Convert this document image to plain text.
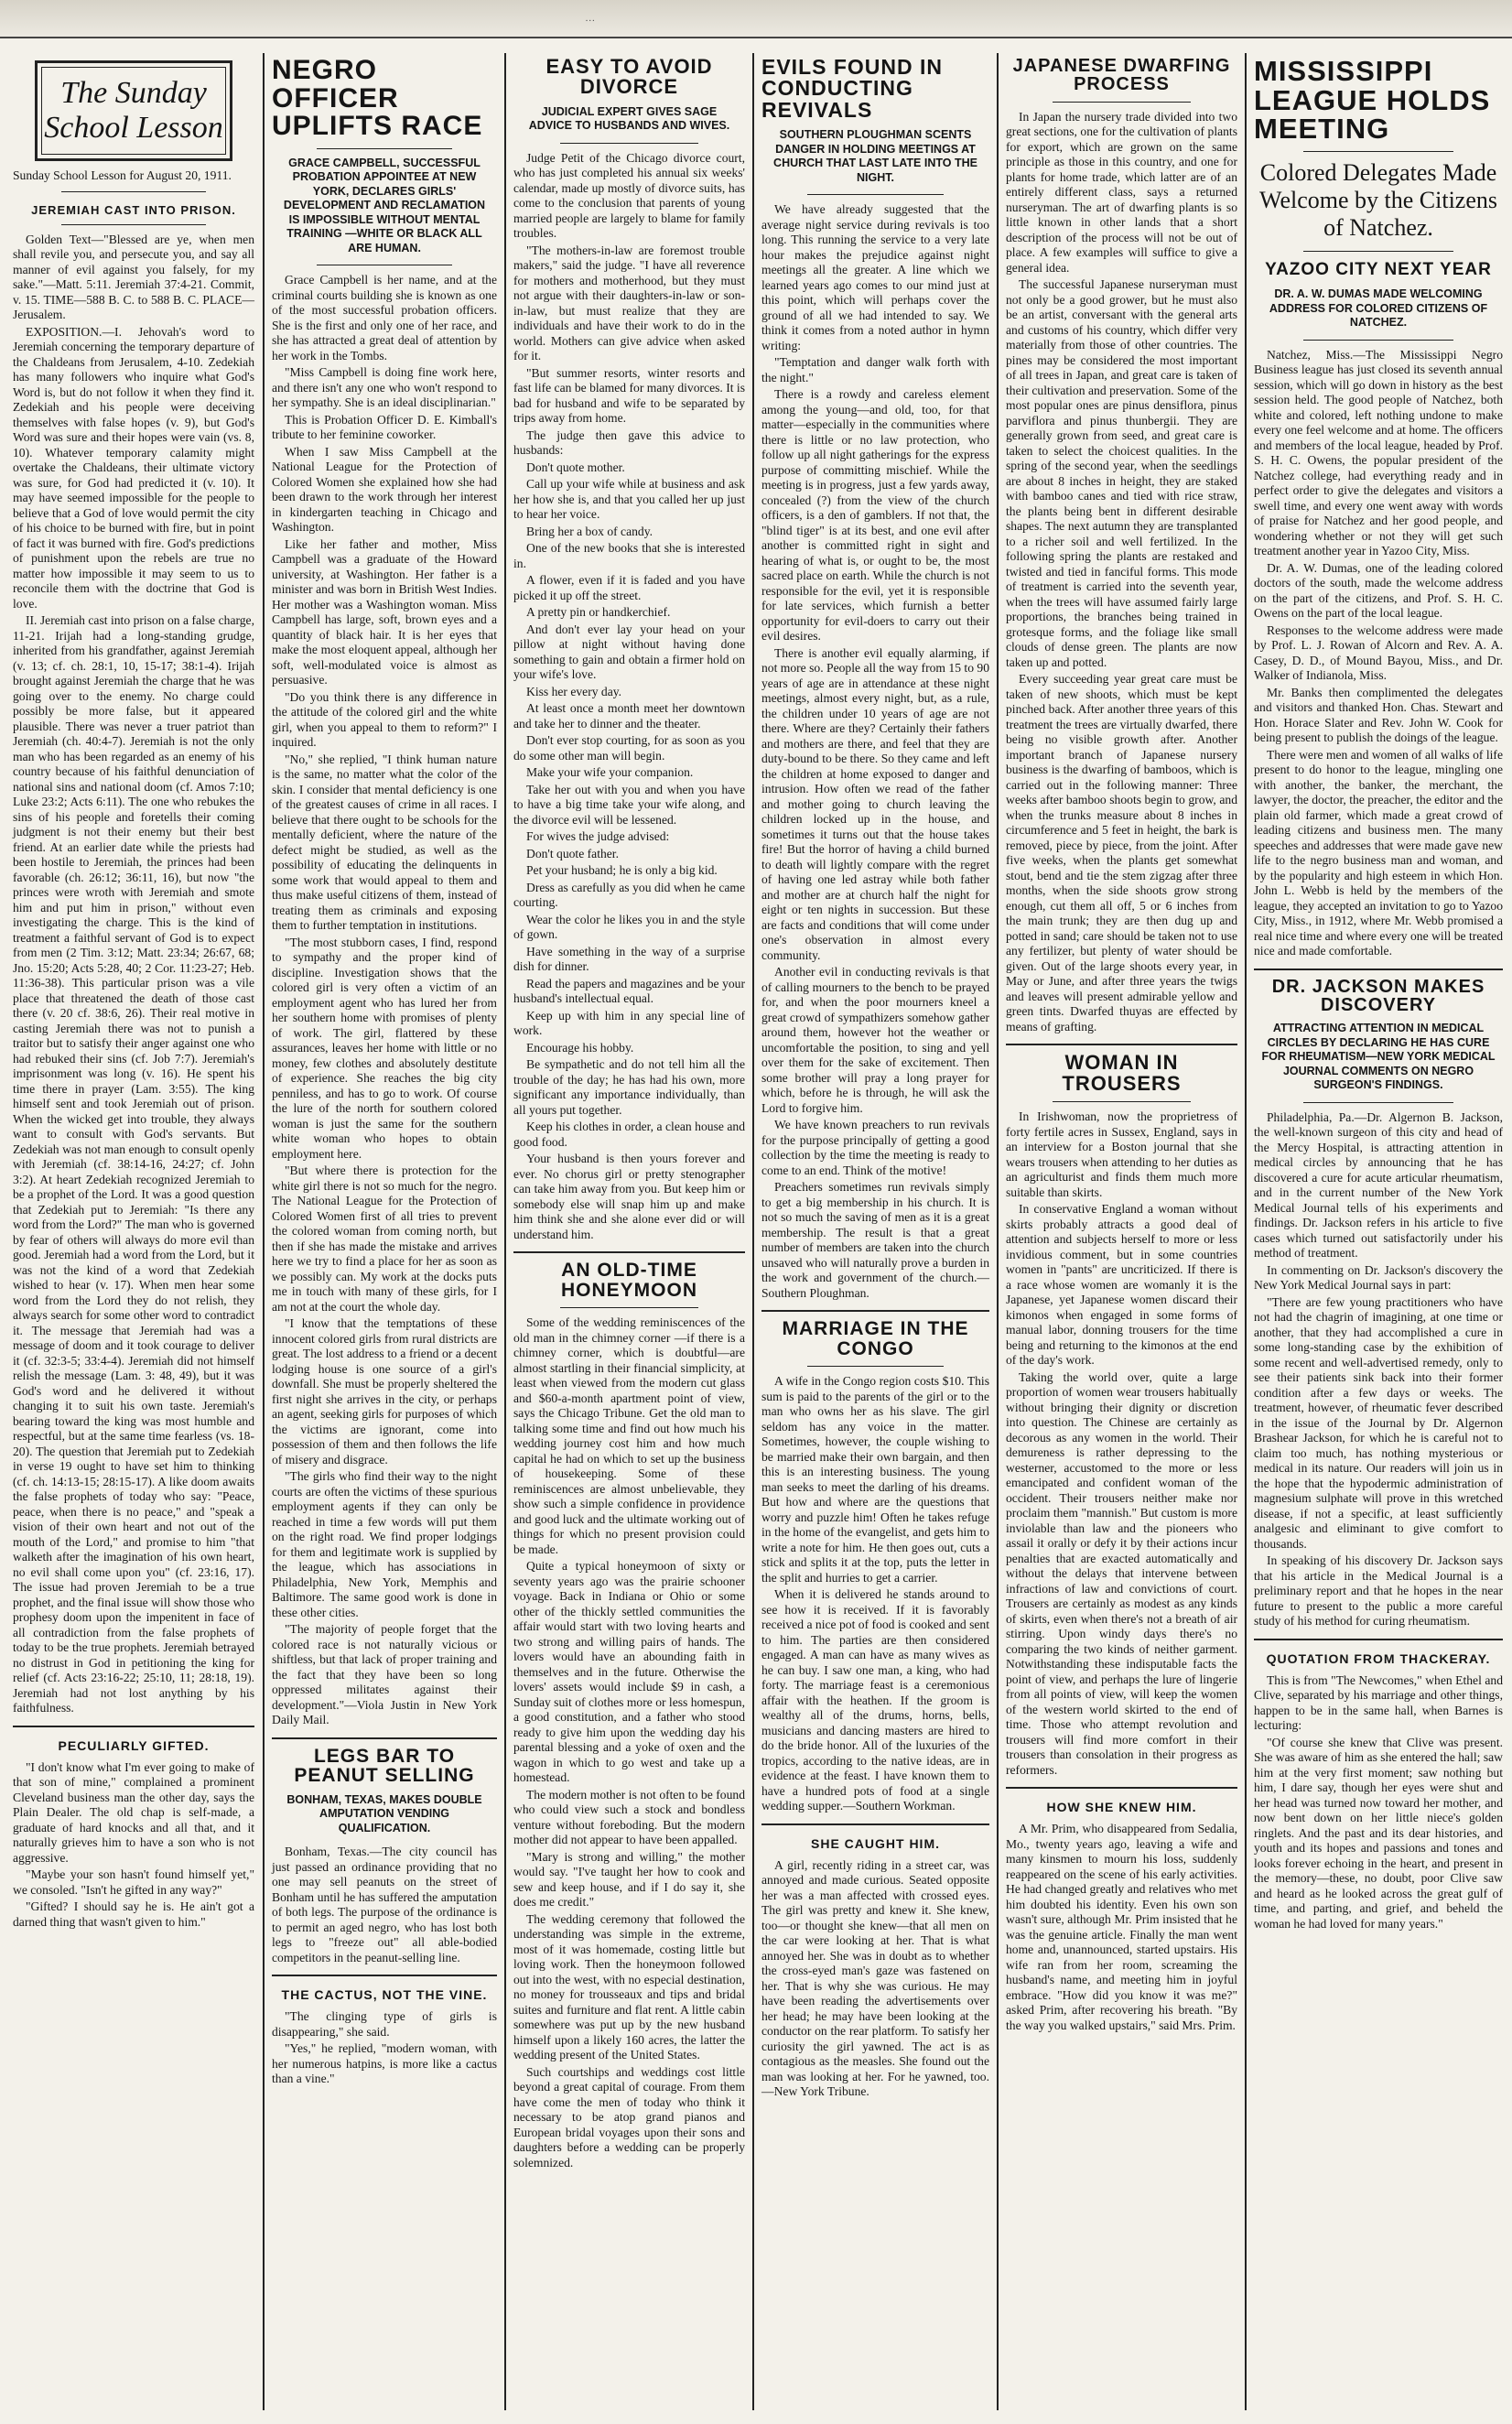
…
The Sunday School Lesson

Sunday School Lesson for August 20, 1911.

JEREMIAH CAST INTO PRISON.

Golden Text—"Blessed are ye, when men shall revile you, and persecute you, and say all manner of evil against you falsely, for my sake."—Matt. 5:11. Jeremiah 37:4-21. Commit, v. 15. TIME—588 B. C. to 588 B. C. PLACE—Jerusalem.

EXPOSITION.—I. Jehovah's word to Jeremiah concerning the temporary departure of the Chaldeans from Jerusalem, 4-10. Zedekiah has many followers who inquire what God's Word is, but do not follow it when they find it. Zedekiah and his people were deceiving themselves with false hopes (v. 9), but God's Word was sure and their hopes were vain (vs. 8, 10). Whatever temporary calamity might overtake the Chaldeans, their ultimate victory was sure, for God had predicted it (v. 10). It may have seemed impossible for the people to believe that a God of love would permit the city of his choice to be burned with fire, but in point of fact it was burned with fire. God's predictions of punishment upon the rebels are true no matter how impossible it may seem to us to reconcile them with the doctrine that God is love.

II. Jeremiah cast into prison on a false charge, 11-21. Irijah had a long-standing grudge, inherited from his grandfather, against Jeremiah (v. 13; cf. ch. 28:1, 10, 15-17; 38:1-4). Irijah brought against Jeremiah the charge that he was going over to the enemy. No charge could possibly be more false, but it appeared plausible. There was never a truer patriot than Jeremiah (ch. 40:4-7). Jeremiah is not the only man who has been regarded as an enemy of his country because of his faithful denunciation of national sins and national doom (cf. Amos 7:10; Luke 23:2; Acts 6:11). The one who rebukes the sins of his people and foretells their coming judgment is not their enemy but their best friend. At an earlier date while the priests had been hostile to Jeremiah, the princes had been favorable (ch. 26:12; 36:11, 16), but now "the princes were wroth with Jeremiah and smote him and put him in prison," without even investigating the charge. This is the kind of treatment a faithful servant of God is to expect from men (2 Tim. 3:12; Matt. 23:34; 26:67, 68; Jno. 15:20; Acts 5:28, 40; 2 Cor. 11:23-27; Heb. 11:36-38). This particular prison was a vile place that threatened the death of those cast there (v. 20 cf. 38:6, 26). Their real motive in casting Jeremiah there was not to punish a traitor but to satisfy their anger against one who had rebuked their sins (cf. Job 7:7). Jeremiah's imprisonment was long (v. 16). He spent his time there in prayer (Lam. 3:55). The king himself sent and took Jeremiah out of prison. When the wicked get into trouble, they always want to consult with God's servants. But Zedekiah was not man enough to consult openly with Jeremiah (cf. 38:14-16, 24:27; cf. John 3:2). At heart Zedekiah recognized Jeremiah to be a prophet of the Lord. It was a good question that Zedekiah put to Jeremiah: "Is there any word from the Lord?" The man who is governed by fear of others will always do more evil than good. Jeremiah had a word from the Lord, but it was not the kind of a word that Zedekiah wished to hear (v. 17). When men hear some word from the Lord they do not relish, they always search for some other word to contradict it. The message that Jeremiah had was a message of doom and it took courage to deliver it (cf. 32:3-5; 33:4-4). Jeremiah did not himself relish the message (Lam. 3: 48, 49), but it was God's word and he delivered it without changing it to suit his own taste. Jeremiah's bearing toward the king was most humble and respectful, but at the same time fearless (vs. 18-20). The question that Jeremiah put to Zedekiah in verse 19 ought to have set him to thinking (cf. ch. 14:13-15; 28:15-17). A like doom awaits the false prophets of today who say: "Peace, peace, when there is no peace," and "speak a vision of their own heart and not out of the mouth of the Lord," and promise to him "that walketh after the imagination of his own heart, no evil shall come upon you" (cf. 23:16, 17). The issue had proven Jeremiah to be a true prophet, and the final issue will show those who prophesy doom upon the impenitent in face of all contradiction from the false prophets of today to be the true prophets. Jeremiah betrayed no distrust in God in petitioning the king for relief (cf. Acts 23:16-22; 25:10, 11; 28:18, 19). Jeremiah had not lost anything by his faithfulness.

PECULIARLY GIFTED.

"I don't know what I'm ever going to make of that son of mine," complained a prominent Cleveland business man the other day, says the Plain Dealer. The old chap is self-made, a graduate of hard knocks and all that, and it naturally grieves him to have a son who is not aggressive.

"Maybe your son hasn't found himself yet," we consoled. "Isn't he gifted in any way?"

"Gifted? I should say he is. He ain't got a darned thing that wasn't given to him."

NEGRO OFFICER UPLIFTS RACE
GRACE CAMPBELL, SUCCESSFUL PROBATION APPOINTEE AT NEW YORK, DECLARES GIRLS' DEVELOPMENT AND RECLAMATION IS IMPOSSIBLE WITHOUT MENTAL TRAINING —WHITE OR BLACK ALL ARE HUMAN.

Grace Campbell is her name, and at the criminal courts building she is known as one of the most successful probation officers. She is the first and only one of her race, and she has attracted a great deal of attention by her work in the Tombs.

"Miss Campbell is doing fine work here, and there isn't any one who won't respond to her sympathy. She is an ideal disciplinarian."

This is Probation Officer D. E. Kimball's tribute to her feminine coworker.

When I saw Miss Campbell at the National League for the Protection of Colored Women she explained how she had been drawn to the work through her interest in kindergarten teaching in Chicago and Washington.

Like her father and mother, Miss Campbell was a graduate of the Howard university, at Washington. Her father is a minister and was born in British West Indies. Her mother was a Washington woman. Miss Campbell has large, soft, brown eyes and a quantity of black hair. It is her eyes that make the most eloquent appeal, although her soft, well-modulated voice is almost as persuasive.

"Do you think there is any difference in the attitude of the colored girl and the white girl, when you appeal to them to reform?" I inquired.

"No," she replied, "I think human nature is the same, no matter what the color of the skin. I consider that mental deficiency is one of the greatest causes of crime in all races. I believe that there ought to be schools for the mentally deficient, where the nature of the defect might be studied, as well as the possibility of educating the delinquents in some work that would appeal to them and thus make useful citizens of them, instead of treating them as criminals and exposing them to further temptation in institutions.

"The most stubborn cases, I find, respond to sympathy and the proper kind of discipline. Investigation shows that the colored girl is very often a victim of an employment agent who has lured her from her southern home with promises of plenty of work. The girl, flattered by these assurances, leaves her home with little or no money, few clothes and absolutely destitute of experience. She reaches the big city penniless, and has to go to work. Of course the lure of the north for southern colored woman is just the same for the southern white woman who hopes to obtain employment here.

"But where there is protection for the white girl there is not so much for the negro. The National League for the Protection of Colored Women first of all tries to prevent the colored woman from coming north, but then if she has made the mistake and arrives here we try to find a place for her as soon as we possibly can. My work at the docks puts me in touch with many of these girls, for I am not at the court the whole day.

"I know that the temptations of these innocent colored girls from rural districts are great. The lost address to a friend or a decent lodging house is one source of a girl's downfall. She must be properly sheltered the first night she arrives in the city, or perhaps an agent, seeking girls for purposes of which the victims are ignorant, come into possession of them and then follows the life of misery and disgrace.

"The girls who find their way to the night courts are often the victims of these spurious employment agents if they can only be reached in time a few words will put them on the right road. We find proper lodgings for them and legitimate work is supplied by the league, which has associations in Philadelphia, New York, Memphis and Baltimore. The same good work is done in these other cities.

"The majority of people forget that the colored race is not naturally vicious or shiftless, but that lack of proper training and the fact that they have been so long oppressed militates against their development."—Viola Justin in New York Daily Mail.

LEGS BAR TO PEANUT SELLING
BONHAM, TEXAS, MAKES DOUBLE AMPUTATION VENDING QUALIFICATION.

Bonham, Texas.—The city council has just passed an ordinance providing that no one may sell peanuts on the street of Bonham until he has suffered the amputation of both legs. The purpose of the ordinance is to permit an aged negro, who has lost both legs to "freeze out" all able-bodied competitors in the peanut-selling line.

THE CACTUS, NOT THE VINE.

"The clinging type of girls is disappearing," she said.

"Yes," he replied, "modern woman, with her numerous hatpins, is more like a cactus than a vine."

EASY TO AVOID DIVORCE
JUDICIAL EXPERT GIVES SAGE ADVICE TO HUSBANDS AND WIVES.

Judge Petit of the Chicago divorce court, who has just completed his annual six weeks' calendar, made up mostly of divorce suits, has come to the conclusion that parents of young married people are largely to blame for family troubles.

"The mothers-in-law are foremost trouble makers," said the judge. "I have all reverence for mothers and motherhood, but they must not argue with their daughters-in-law or son-in-law, but must realize that they are individuals and have their work to do in the world. Mothers can give advice when asked for it.

"But summer resorts, winter resorts and fast life can be blamed for many divorces. It is bad for husband and wife to be separated by trips away from home.

The judge then gave this advice to husbands:

Don't quote mother.

Call up your wife while at business and ask her how she is, and that you called her up just to hear her voice.

Bring her a box of candy.

One of the new books that she is interested in.

A flower, even if it is faded and you have picked it up off the street.

A pretty pin or handkerchief.

And don't ever lay your head on your pillow at night without having done something to gain and obtain a firmer hold on your wife's love.

Kiss her every day.

At least once a month meet her downtown and take her to dinner and the theater.

Don't ever stop courting, for as soon as you do some other man will begin.

Make your wife your companion.

Take her out with you and when you have to have a big time take your wife along, and the divorce evil will be lessened.

For wives the judge advised:

Don't quote father.

Pet your husband; he is only a big kid.

Dress as carefully as you did when he came courting.

Wear the color he likes you in and the style of gown.

Have something in the way of a surprise dish for dinner.

Read the papers and magazines and be your husband's intellectual equal.

Keep up with him in any special line of work.

Encourage his hobby.

Be sympathetic and do not tell him all the trouble of the day; he has had his own, more significant any importance individually, than all yours put together.

Keep his clothes in order, a clean house and good food.

Your husband is then yours forever and ever. No chorus girl or pretty stenographer can take him away from you. But keep him or somebody else will snap him up and make him think she and she alone ever did or will understand him.

AN OLD-TIME HONEYMOON

Some of the wedding reminiscences of the old man in the chimney corner —if there is a chimney corner, which is doubtful—are almost startling in their financial simplicity, at least when viewed from the modern cut glass and $60-a-month apartment point of view, says the Chicago Tribune. Get the old man to talking some time and find out how much his wedding journey cost him and how much capital he had on which to set up the business of housekeeping. Some of these reminiscences are almost unbelievable, they show such a simple confidence in providence and good luck and the ultimate working out of things for which no present provision could be made.

Quite a typical honeymoon of sixty or seventy years ago was the prairie schooner voyage. Back in Indiana or Ohio or some other of the thickly settled communities the affair would start with two loving hearts and two strong and willing pairs of hands. The lovers would have an abounding faith in themselves and in the future. Otherwise the lovers' assets would include $9 in cash, a Sunday suit of clothes more or less homespun, a good constitution, and a father who stood ready to give him upon the wedding day his parental blessing and a yoke of oxen and the wagon in which to go west and take up a homestead.

The modern mother is not often to be found who could view such a stock and bondless venture without foreboding. But the modern mother did not appear to have been appalled.

"Mary is strong and willing," the mother would say. "I've taught her how to cook and sew and keep house, and if I do say it, she does me credit."

The wedding ceremony that followed the understanding was simple in the extreme, most of it was homemade, costing little but loving work. Then the honeymoon followed out into the west, with no especial destination, no money for trousseaux and tips and bridal suites and furniture and flat rent. A little cabin somewhere was put up by the new husband himself upon a likely 160 acres, the latter the wedding present of the United States.

Such courtships and weddings cost little beyond a great capital of courage. From them have come the men of today who think it necessary to be atop grand pianos and European bridal voyages upon their sons and daughters before a wedding can be properly solemnized.

EVILS FOUND IN CONDUCTING REVIVALS
SOUTHERN PLOUGHMAN SCENTS DANGER IN HOLDING MEETINGS AT CHURCH THAT LAST LATE INTO THE NIGHT.

We have already suggested that the average night service during revivals is too long. This running the service to a very late hour makes the prejudice against night meetings all the greater. A line which we learned years ago comes to our mind just at this point, which will perhaps cover the ground of all we had intended to say. We think it comes from a noted author in hymn writing:

"Temptation and danger walk forth with the night."

There is a rowdy and careless element among the young—and old, too, for that matter—especially in the communities where there is little or no law protection, who follow up all night gatherings for the express purpose of committing mischief. While the meeting is in progress, just a few yards away, concealed (?) from the view of the church officers, is a den of gamblers. If not that, the "blind tiger" is at its best, and one evil after another is committed right in sight and hearing of what is, or ought to be, the most sacred place on earth. While the church is not responsible for the evil, yet it is responsible for late services, which furnish a better opportunity for evil-doers to carry out their evil desires.

There is another evil equally alarming, if not more so. People all the way from 15 to 90 years of age are in attendance at these night meetings, almost every night, but, as a rule, the children under 10 years of age are not there. Where are they? Certainly their fathers and mothers are there, and feel that they are duty-bound to be there. So they came and left the children at home exposed to danger and intrusion. How often we read of the father and mother going to church leaving the children locked up in the house, and sometimes it turns out that the house takes fire! But the horror of having a child burned to death will lightly compare with the regret of having one led astray while both father and mother are at church half the night for eight or ten nights in succession. But these are facts and conditions that will come under one's observation in almost every community.

Another evil in conducting revivals is that of calling mourners to the bench to be prayed for, and when the poor mourners kneel a great crowd of sympathizers somehow gather around them, however hot the weather or uncomfortable the position, to sing and yell over them for the sake of excitement. Then some brother will pray a long prayer for which, before he is through, he will ask the Lord to forgive him.

We have known preachers to run revivals for the purpose principally of getting a good collection by the time the meeting is ready to come to an end. Think of the motive!

Preachers sometimes run revivals simply to get a big membership in his church. It is not so much the saving of men as it is a great membership. The result is that a great number of members are taken into the church unsaved who will naturally prove a burden in the work and government of the church.—Southern Ploughman.

MARRIAGE IN THE CONGO

A wife in the Congo region costs $10. This sum is paid to the parents of the girl or to the man who owns her as his slave. The girl seldom has any voice in the matter. Sometimes, however, the couple wishing to be married make their own bargain, and then this is an interesting business. The young man seeks to meet the darling of his dreams. But how and where are the questions that worry and puzzle him! Often he takes refuge in the home of the evangelist, and gets him to write a note for him. He then goes out, cuts a stick and splits it at the top, puts the letter in the split and hurries to get a carrier.

When it is delivered he stands around to see how it is received. If it is favorably received a nice pot of food is cooked and sent to him. The parties are then considered engaged. A man can have as many wives as he can buy. I saw one man, a king, who had forty. The marriage feast is a ceremonious affair with the heathen. If the groom is wealthy all of the drums, horns, bells, musicians and dancing masters are hired to do the bride honor. All of the luxuries of the tropics, according to the native ideas, are in evidence at the feast. I have known them to have a hundred pots of food at a single wedding supper.—Southern Workman.

SHE CAUGHT HIM.

A girl, recently riding in a street car, was annoyed and made curious. Seated opposite her was a man affected with crossed eyes. The girl was pretty and knew it. She knew, too—or thought she knew—that all men on the car were looking at her. That is what annoyed her. She was in doubt as to whether the cross-eyed man's gaze was fastened on her. That is why she was curious. He may have been reading the advertisements over her head; he may have been looking at the conductor on the rear platform. To satisfy her curiosity the girl yawned. The act is as contagious as the measles. She found out the man was looking at her. For he yawned, too.—New York Tribune.

JAPANESE DWARFING PROCESS

In Japan the nursery trade divided into two great sections, one for the cultivation of plants for export, which are grown on the same principle as those in this country, and one for plants for home trade, which latter are of an entirely different class, says a returned nurseryman. The art of dwarfing plants is so little known in other lands that a short description of the process will not be out of place. A few examples will suffice to give a general idea.

The successful Japanese nurseryman must not only be a good grower, but he must also be an artist, conversant with the general arts and customs of his country, which differ very materially from those of other countries. The pines may be considered the most important of all trees in Japan, and great care is taken of their cultivation and preservation. Some of the most popular ones are pinus densiflora, pinus parviflora and pinus thunbergii. They are generally grown from seed, and great care is taken to select the choicest qualities. In the spring of the second year, when the seedlings are about 8 inches in height, they are staked with bamboo canes and tied with rice straw, the plants being bent in different desirable shapes. The next autumn they are transplanted to a richer soil and well fertilized. In the following spring the plants are restaked and twisted and tied in fanciful forms. This mode of treatment is carried into the seventh year, when the trees will have assumed fairly large proportions, the branches being trained in grotesque forms, and the foliage like small clouds of dense green. The plants are now taken up and potted.

Every succeeding year great care must be taken of new shoots, which must be kept pinched back. After another three years of this treatment the trees are virtually dwarfed, there being no visible growth after. Another important branch of Japanese nursery business is the dwarfing of bamboos, which is carried out in the following manner: Three weeks after bamboo shoots begin to grow, and when the trunks measure about 8 inches in circumference and 5 feet in height, the bark is removed, piece by piece, from the joint. After five weeks, when the plants get somewhat stout, bend and tie the stem zigzag after three months, when the side shoots grow strong enough, cut them all off, 5 or 6 inches from the main trunk; they are then dug up and potted in sand; care should be taken not to use any fertilizer, but plenty of water should be given. Out of the large shoots every year, in May or June, and after three years the twigs and leaves will present admirable yellow and green tints. Dwarfed thuyas are effected by means of grafting.

WOMAN IN TROUSERS

In Irishwoman, now the proprietress of forty fertile acres in Sussex, England, says in an interview for a Boston journal that she wears trousers when attending to her duties as an agriculturist and finds them much more suitable than skirts.

In conservative England a woman without skirts probably attracts a good deal of attention and subjects herself to more or less invidious comment, but in some countries women in "pants" are uncriticized. If there is a race whose women are womanly it is the Japanese, yet Japanese women discard their kimonos when engaged in some forms of manual labor, donning trousers for the time being and returning to the kimonos at the end of the day's work.

Taking the world over, quite a large proportion of women wear trousers habitually without bringing their dignity or discretion into question. The Chinese are certainly as decorous as any women in the world. Their demureness is rather depressing to the westerner, accustomed to the more or less emancipated and confident woman of the occident. Their trousers neither make nor proclaim them "mannish." But custom is more inviolable than law and the pioneers who assail it orally or defy it by their actions incur penalties that are exacted automatically and without the delays that intervene between infractions of law and convictions of court. Trousers are certainly as modest as any kinds of skirts, even when there's not a breath of air stirring. Upon windy days there's no comparing the two kinds of neither garment. Notwithstanding these indisputable facts the point of view, and perhaps the lure of lingerie from all points of view, will keep the women of the western world skirted to the end of time. Those who attempt revolution and trousers will find more comfort in their trousers than consolation in their progress as reformers.

HOW SHE KNEW HIM.

A Mr. Prim, who disappeared from Sedalia, Mo., twenty years ago, leaving a wife and many kinsmen to mourn his loss, suddenly reappeared on the scene of his early activities. He had changed greatly and relatives who met him doubted his identity. Even his own son wasn't sure, although Mr. Prim insisted that he was the genuine article. Finally the man went home and, unannounced, started upstairs. His wife ran from her room, screaming the husband's name, and meeting him in joyful embrace. "How did you know it was me?" asked Prim, after recovering his breath. "By the way you walked upstairs," said Mrs. Prim.

MISSISSIPPI LEAGUE HOLDS MEETING
Colored Delegates Made Welcome by the Citizens of Natchez.
YAZOO CITY NEXT YEAR
DR. A. W. DUMAS MADE WELCOMING ADDRESS FOR COLORED CITIZENS OF NATCHEZ.

Natchez, Miss.—The Mississippi Negro Business league has just closed its seventh annual session, which will go down in history as the best session held. The good people of Natchez, both white and colored, left nothing undone to make every one feel welcome and at home. The officers and members of the local league, headed by Prof. S. H. C. Owens, the popular president of the Natchez college, had everything ready and in perfect order to give the delegates and visitors a swell time, and every one went away with words of praise for Natchez and her good people, and wondering whether or not they will get such treatment another year in Yazoo City, Miss.

Dr. A. W. Dumas, one of the leading colored doctors of the south, made the welcome address on the part of the citizens, and Prof. S. H. C. Owens on the part of the local league.

Responses to the welcome address were made by Prof. L. J. Rowan of Alcorn and Rev. A. A. Casey, D. D., of Mound Bayou, Miss., and Dr. Walker of Indianola, Miss.

Mr. Banks then complimented the delegates and visitors and thanked Hon. Chas. Stewart and Hon. Horace Slater and Rev. John W. Cook for being present to publish the doings of the league.

There were men and women of all walks of life present to do honor to the league, mingling one with another, the banker, the merchant, the lawyer, the doctor, the preacher, the editor and the plain old farmer, which made a great crowd of leading citizens and business men. The many speeches and addresses that were made gave new life to the negro business man and woman, and by the popularity and high esteem in which Hon. John L. Webb is held by the members of the league, they accepted an invitation to go to Yazoo City, Miss., in 1912, where Mr. Webb promised a real nice time and where every one will be treated nice and made comfortable.

DR. JACKSON MAKES DISCOVERY
ATTRACTING ATTENTION IN MEDICAL CIRCLES BY DECLARING HE HAS CURE FOR RHEUMATISM—NEW YORK MEDICAL JOURNAL COMMENTS ON NEGRO SURGEON'S FINDINGS.

Philadelphia, Pa.—Dr. Algernon B. Jackson, the well-known surgeon of this city and head of the Mercy Hospital, is attracting attention in medical circles by announcing that he has discovered a cure for acute articular rheumatism, and in the current number of the New York Medical Journal tells of his experiments and findings. Dr. Jackson refers in his article to five cases which turned out satisfactorily under his method of treatment.

In commenting on Dr. Jackson's discovery the New York Medical Journal says in part:

"There are few young practitioners who have not had the chagrin of imagining, at one time or another, that they had accomplished a cure in some long-standing case by the exhibition of some recent and well-advertised remedy, only to see their patients sink back into their former condition after a few days or weeks. The treatment, however, of rheumatic fever described in the issue of the Journal by Dr. Algernon Brashear Jackson, for which he is careful not to claim too much, has nothing mysterious or medical in its nature. Our readers will join us in the hope that the hypodermic administration of magnesium sulphate will prove in this wretched disease, if not a specific, at least sufficiently analgesic and eliminant to give comfort to thousands.

In speaking of his discovery Dr. Jackson says that his article in the Medical Journal is a preliminary report and that he hopes in the near future to present to the public a more careful study of his method for curing rheumatism.

QUOTATION FROM THACKERAY.

This is from "The Newcomes," when Ethel and Clive, separated by his marriage and other things, happen to be in the same hall, when Barnes is lecturing:

"Of course she knew that Clive was present. She was aware of him as she entered the hall; saw him at the very first moment; saw nothing but him, I dare say, though her eyes were shut and her head was turned now toward her mother, and now bent down on her little niece's golden ringlets. And the past and its dear histories, and youth and its hopes and passions and tones and looks forever echoing in the heart, and present in the memory—these, no doubt, poor Clive saw and heard as he looked across the great gulf of time, and parting, and grief, and beheld the woman he had loved for many years."
